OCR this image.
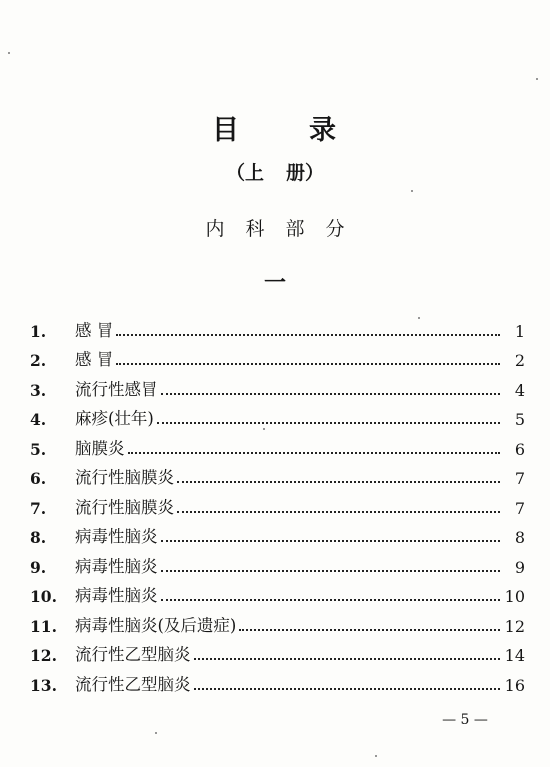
目	录
（上 册）
内科部分
一
1.	感 冒	1
2.	感 冒	2
3.	流行性感冒	4
4.	麻疹(壮年)	5
5.	脑膜炎	6
6.	流行性脑膜炎	7
7.	流行性脑膜炎	7
8.	病毒性脑炎	8
9.	病毒性脑炎	9
10.	病毒性脑炎	10
11.	病毒性脑炎(及后遗症)	12
12.	流行性乙型脑炎	14
13.	流行性乙型脑炎	16
— 5 —
